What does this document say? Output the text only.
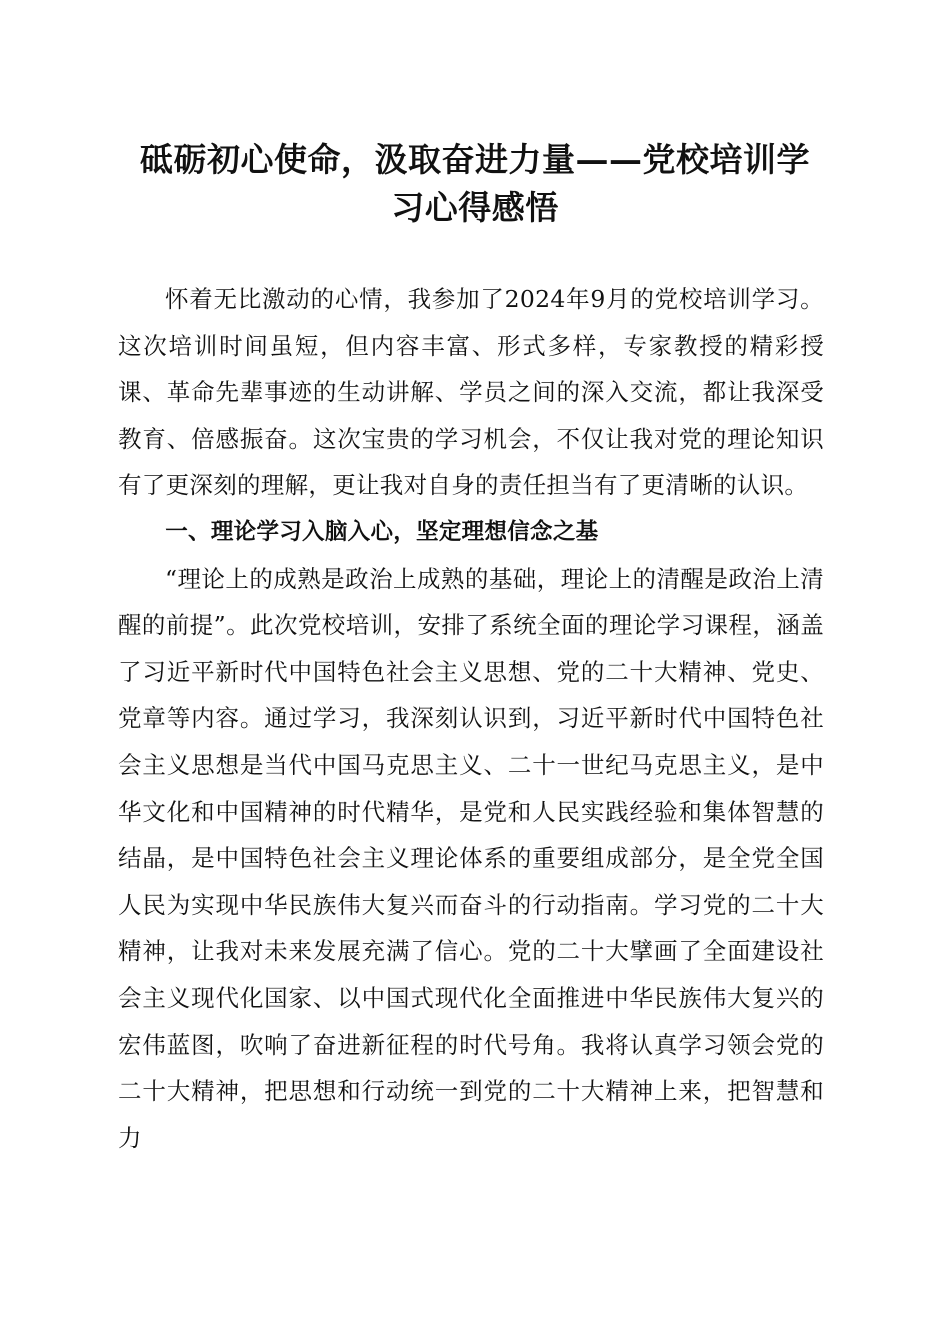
砥砺初心使命，汲取奋进力量——党校培训学
习心得感悟

怀着无比激动的心情，我参加了2024年9月的党校培训学习。这次培训时间虽短，但内容丰富、形式多样，专家教授的精彩授课、革命先辈事迹的生动讲解、学员之间的深入交流，都让我深受教育、倍感振奋。这次宝贵的学习机会，不仅让我对党的理论知识有了更深刻的理解，更让我对自身的责任担当有了更清晰的认识。

一、理论学习入脑入心，坚定理想信念之基

“理论上的成熟是政治上成熟的基础，理论上的清醒是政治上清醒的前提”。此次党校培训，安排了系统全面的理论学习课程，涵盖了习近平新时代中国特色社会主义思想、党的二十大精神、党史、党章等内容。通过学习，我深刻认识到，习近平新时代中国特色社会主义思想是当代中国马克思主义、二十一世纪马克思主义，是中华文化和中国精神的时代精华，是党和人民实践经验和集体智慧的结晶，是中国特色社会主义理论体系的重要组成部分，是全党全国人民为实现中华民族伟大复兴而奋斗的行动指南。学习党的二十大精神，让我对未来发展充满了信心。党的二十大擘画了全面建设社会主义现代化国家、以中国式现代化全面推进中华民族伟大复兴的宏伟蓝图，吹响了奋进新征程的时代号角。我将认真学习领会党的二十大精神，把思想和行动统一到党的二十大精神上来，把智慧和力
